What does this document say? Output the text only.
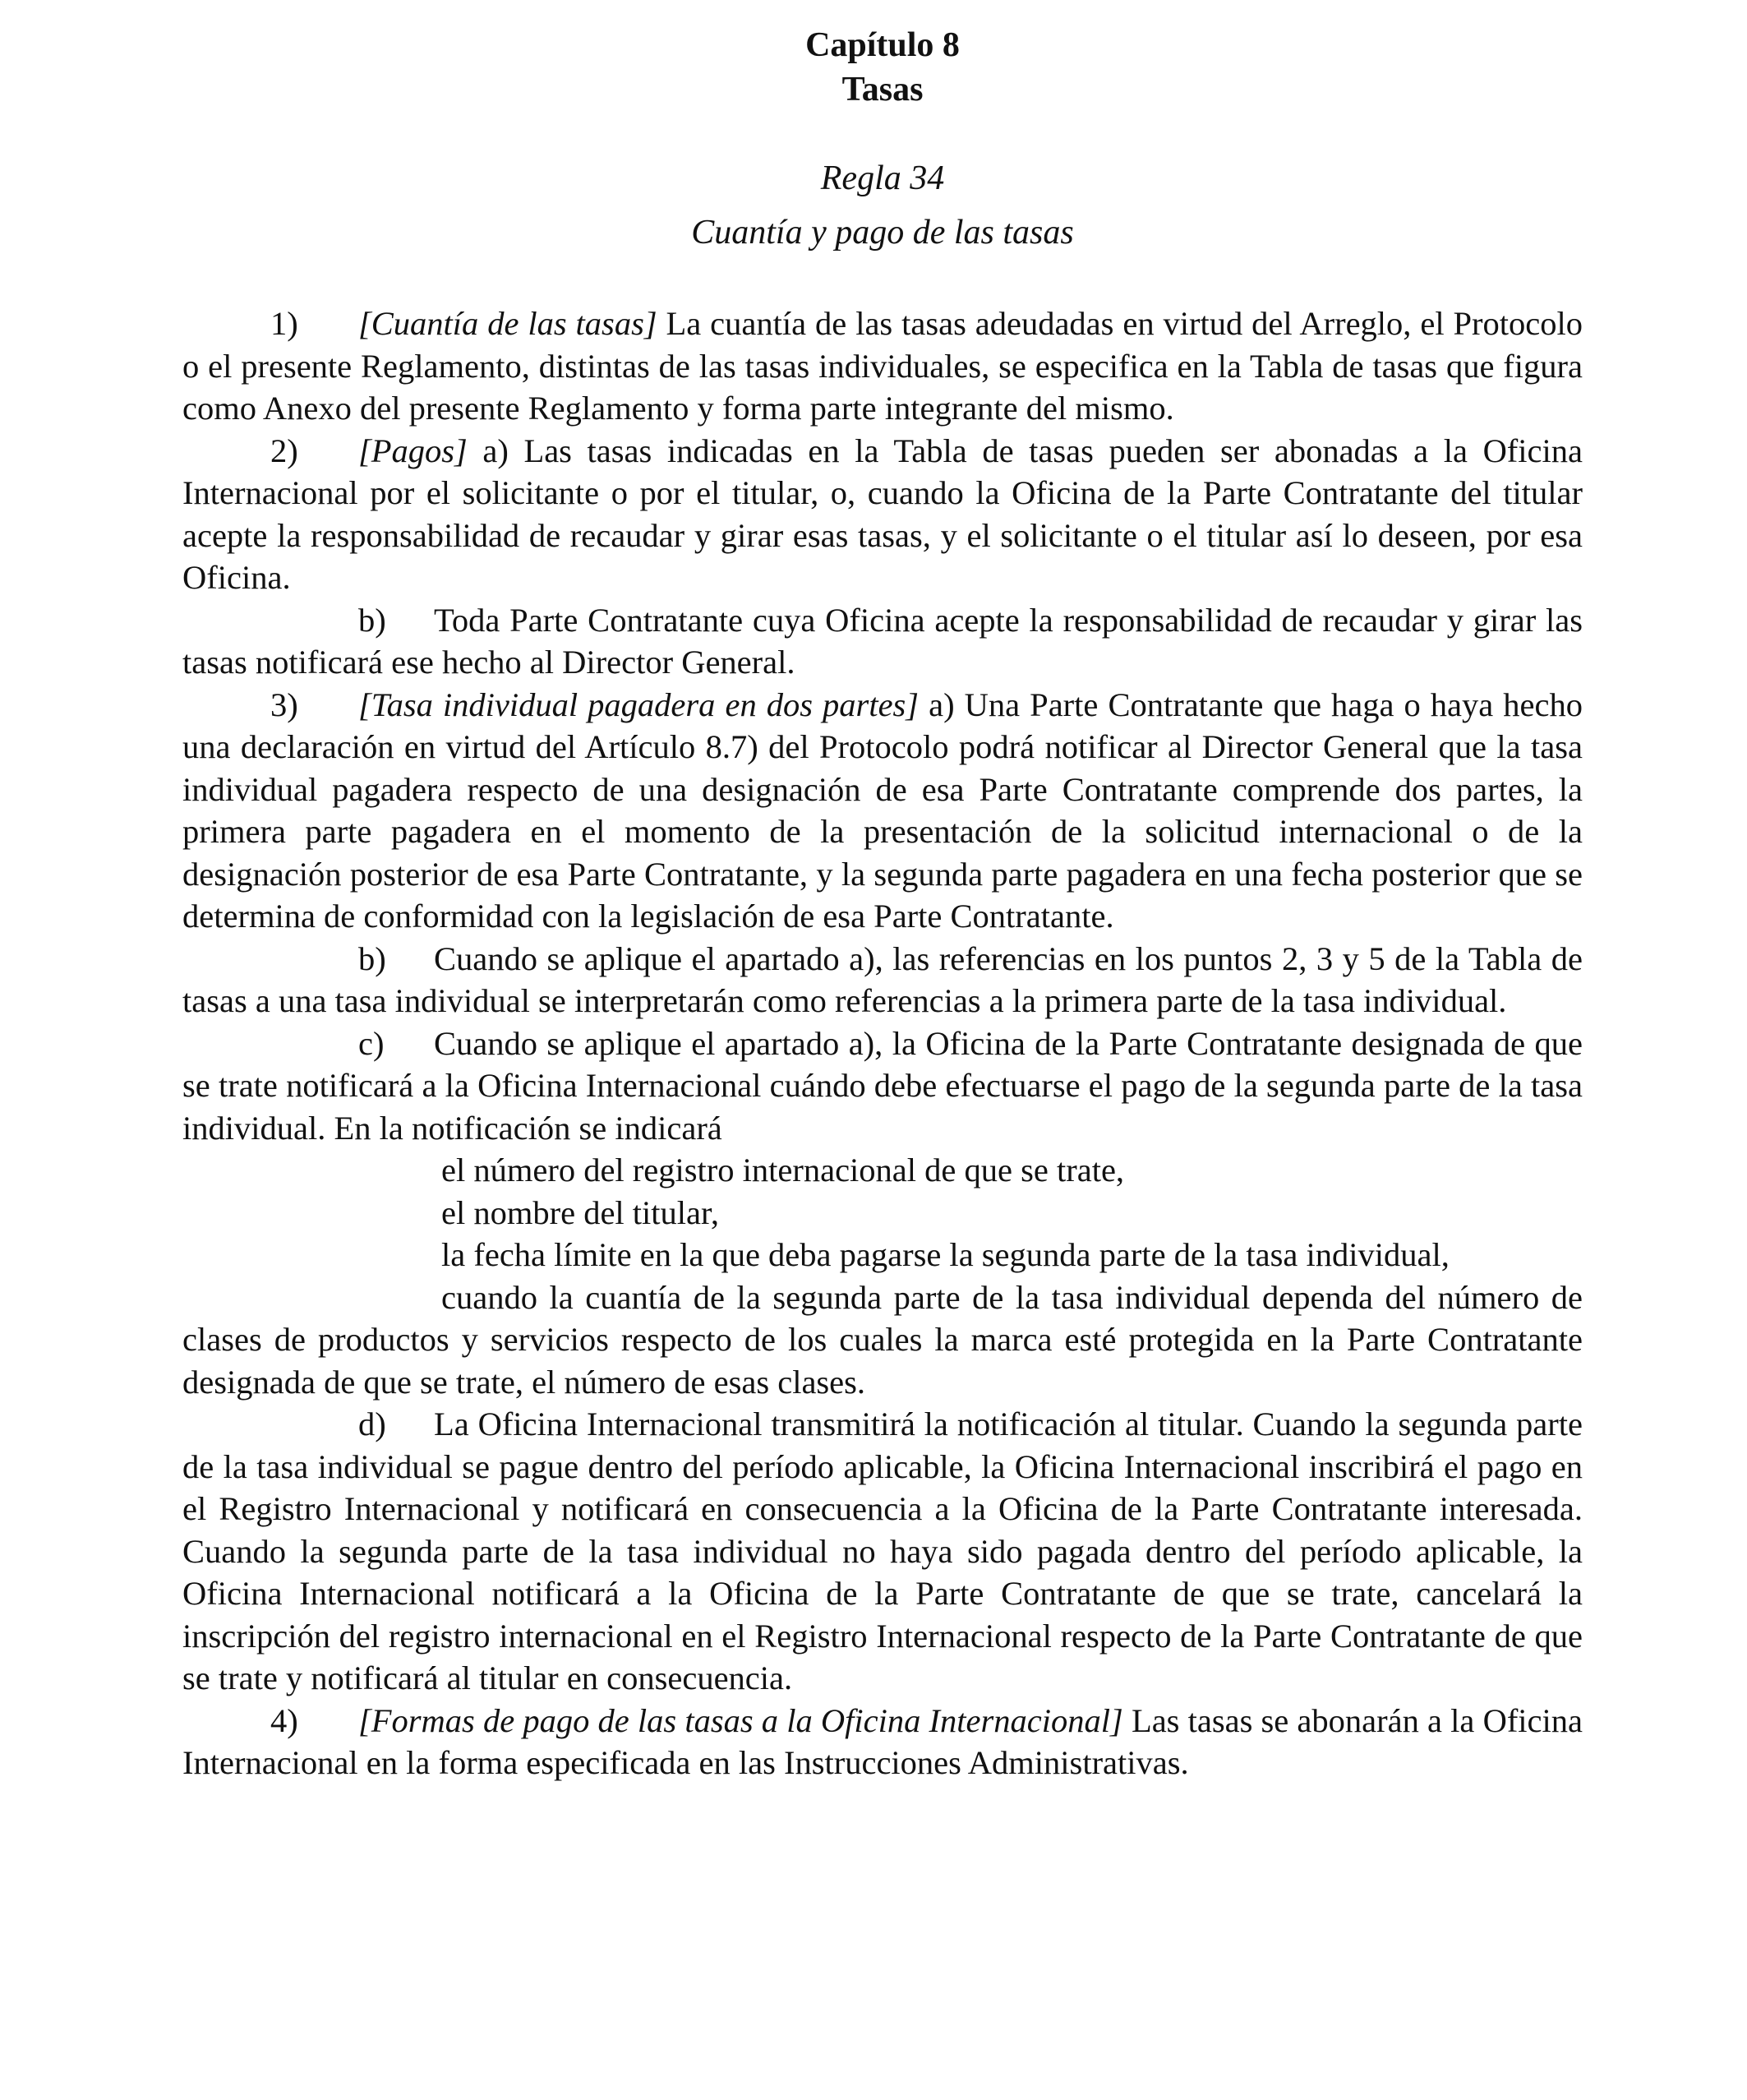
Capítulo 8
Tasas

Regla 34

Cuantía y pago de las tasas

1) [Cuantía de las tasas] La cuantía de las tasas adeudadas en virtud del Arreglo, el Protocolo o el presente Reglamento, distintas de las tasas individuales, se especifica en la Tabla de tasas que figura como Anexo del presente Reglamento y forma parte integrante del mismo.

2) [Pagos] a) Las tasas indicadas en la Tabla de tasas pueden ser abonadas a la Oficina Internacional por el solicitante o por el titular, o, cuando la Oficina de la Parte Contratante del titular acepte la responsabilidad de recaudar y girar esas tasas, y el solicitante o el titular así lo deseen, por esa Oficina.

b) Toda Parte Contratante cuya Oficina acepte la responsabilidad de recaudar y girar las tasas notificará ese hecho al Director General.

3) [Tasa individual pagadera en dos partes] a) Una Parte Contratante que haga o haya hecho una declaración en virtud del Artículo 8.7) del Protocolo podrá notificar al Director General que la tasa individual pagadera respecto de una designación de esa Parte Contratante comprende dos partes, la primera parte pagadera en el momento de la presentación de la solicitud internacional o de la designación posterior de esa Parte Contratante, y la segunda parte pagadera en una fecha posterior que se determina de conformidad con la legislación de esa Parte Contratante.

b) Cuando se aplique el apartado a), las referencias en los puntos 2, 3 y 5 de la Tabla de tasas a una tasa individual se interpretarán como referencias a la primera parte de la tasa individual.

c) Cuando se aplique el apartado a), la Oficina de la Parte Contratante designada de que se trate notificará a la Oficina Internacional cuándo debe efectuarse el pago de la segunda parte de la tasa individual. En la notificación se indicará

el número del registro internacional de que se trate,

el nombre del titular,

la fecha límite en la que deba pagarse la segunda parte de la tasa individual,

cuando la cuantía de la segunda parte de la tasa individual dependa del número de clases de productos y servicios respecto de los cuales la marca esté protegida en la Parte Contratante designada de que se trate, el número de esas clases.

d) La Oficina Internacional transmitirá la notificación al titular. Cuando la segunda parte de la tasa individual se pague dentro del período aplicable, la Oficina Internacional inscribirá el pago en el Registro Internacional y notificará en consecuencia a la Oficina de la Parte Contratante interesada. Cuando la segunda parte de la tasa individual no haya sido pagada dentro del período aplicable, la Oficina Internacional notificará a la Oficina de la Parte Contratante de que se trate, cancelará la inscripción del registro internacional en el Registro Internacional respecto de la Parte Contratante de que se trate y notificará al titular en consecuencia.

4) [Formas de pago de las tasas a la Oficina Internacional] Las tasas se abonarán a la Oficina Internacional en la forma especificada en las Instrucciones Administrativas.
